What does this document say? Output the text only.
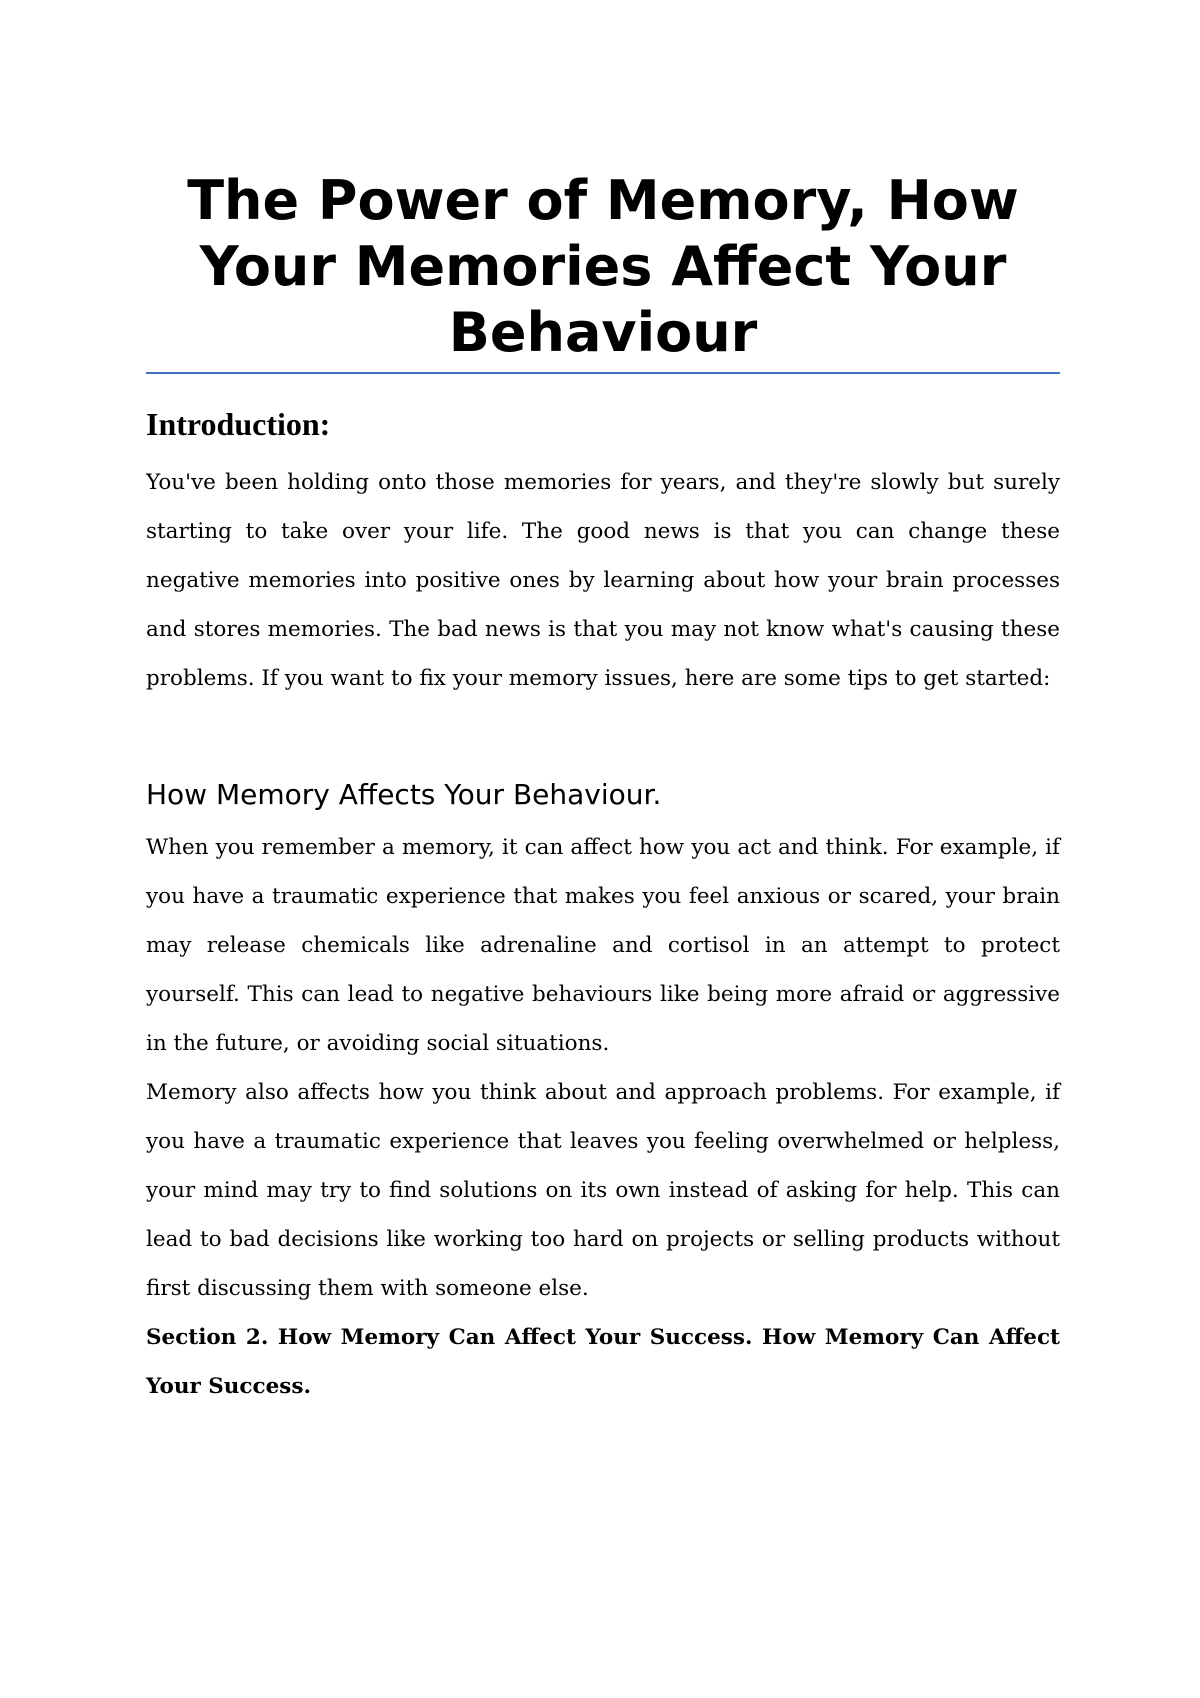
The Power of Memory, How Your Memories Affect Your Behaviour
Introduction:

You've been holding onto those memories for years, and they're slowly but surely starting to take over your life. The good news is that you can change these negative memories into positive ones by learning about how your brain processes and stores memories. The bad news is that you may not know what's causing these problems. If you want to fix your memory issues, here are some tips to get started:

How Memory Affects Your Behaviour.

When you remember a memory, it can affect how you act and think. For example, if you have a traumatic experience that makes you feel anxious or scared, your brain may release chemicals like adrenaline and cortisol in an attempt to protect yourself. This can lead to negative behaviours like being more afraid or aggressive in the future, or avoiding social situations.

Memory also affects how you think about and approach problems. For example, if you have a traumatic experience that leaves you feeling overwhelmed or helpless, your mind may try to find solutions on its own instead of asking for help. This can lead to bad decisions like working too hard on projects or selling products without first discussing them with someone else.

Section 2. How Memory Can Affect Your Success. How Memory Can Affect Your Success.
